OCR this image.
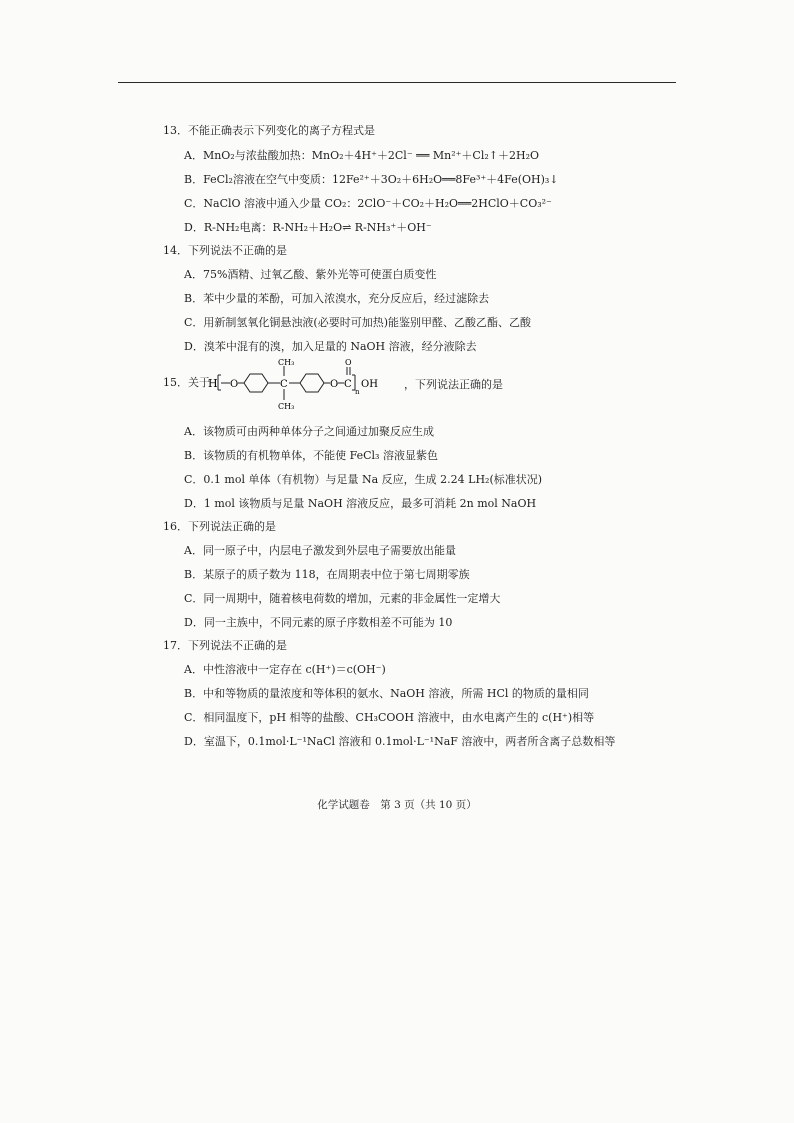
13．不能正确表示下列变化的离子方程式是
A．MnO₂与浓盐酸加热：MnO₂＋4H⁺＋2Cl⁻ ══ Mn²⁺＋Cl₂↑＋2H₂O
B．FeCl₂溶液在空气中变质：12Fe²⁺＋3O₂＋6H₂O══8Fe³⁺＋4Fe(OH)₃↓
C．NaClO 溶液中通入少量 CO₂：2ClO⁻＋CO₂＋H₂O══2HClO＋CO₃²⁻
D．R-NH₂电离：R-NH₂＋H₂O⇌ R-NH₃⁺＋OH⁻
14．下列说法不正确的是
A．75%酒精、过氧乙酸、紫外光等可使蛋白质变性
B．苯中少量的苯酚，可加入浓溴水，充分反应后，经过滤除去
C．用新制氢氧化铜悬浊液(必要时可加热)能鉴别甲醛、乙酸乙酯、乙酸
D．溴苯中混有的溴，加入足量的 NaOH 溶液，经分液除去
15．关于
H O	C
CH₃
CH₃
O C
O
n
OH ，下列说法正确的是
A．该物质可由两种单体分子之间通过加聚反应生成
B．该物质的有机物单体，不能使 FeCl₃ 溶液显紫色
C．0.1 mol 单体（有机物）与足量 Na 反应，生成 2.24 LH₂(标准状况)
D．1 mol 该物质与足量 NaOH 溶液反应，最多可消耗 2n mol NaOH
16．下列说法正确的是
A．同一原子中，内层电子激发到外层电子需要放出能量
B．某原子的质子数为 118，在周期表中位于第七周期零族
C．同一周期中，随着核电荷数的增加，元素的非金属性一定增大
D．同一主族中，不同元素的原子序数相差不可能为 10
17．下列说法不正确的是
A．中性溶液中一定存在 c(H⁺)＝c(OH⁻)
B．中和等物质的量浓度和等体积的氨水、NaOH 溶液，所需 HCl 的物质的量相同
C．相同温度下，pH 相等的盐酸、CH₃COOH 溶液中，由水电离产生的 c(H⁺)相等
D．室温下，0.1mol·L⁻¹NaCl 溶液和 0.1mol·L⁻¹NaF 溶液中，两者所含离子总数相等
化学试题卷　第 3 页（共 10 页）
